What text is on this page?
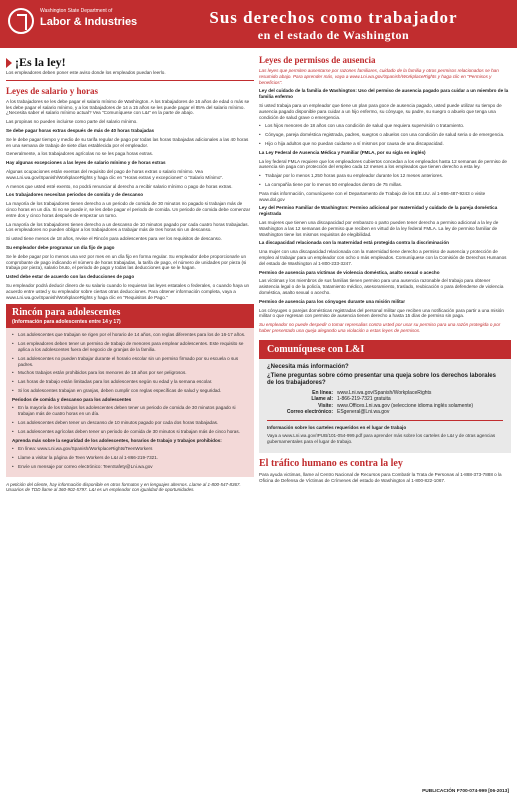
Washington State Department of
Labor & Industries	Sus derechos como trabajador
en el estado de Washington
¡Es la ley!
Los empleadores deben poner este aviso donde los empleados puedan leerlo.
Leyes de salario y horas

A los trabajadores se les debe pagar el salario mínimo de Washington. A los trabajadores de 16 años de edad o más se les debe pagar el salario mínimo, y a los trabajadores de 14 a 15 años se les puede pagar el 85% del salario mínimo. ¿Necesita saber el salario mínimo actual? Vea "Comuníquese con L&I" en la parte de abajo.

Las propinas no pueden incluirse como parte del salario mínimo.

Se debe pagar horas extras después de más de 40 horas trabajadas

Se le debe pagar tiempo y medio de su tarifa regular de pago por todas las horas trabajadas adicionales a las 40 horas en una semana de trabajo de siete días establecida por el empleador.

Generalmente, a los trabajadores agrícolas no se les paga horas extras.

Hay algunas excepciones a las leyes de salario mínimo y de horas extras

Algunas ocupaciones están exentas del requisito del pago de horas extras o salario mínimo. Vea www.Lni.wa.gov/Spanish/WorkplaceRights y haga clic en "Horas extras y excepciones" o "Salario Mínimo".

A menos que usted esté exento, no podrá renunciar al derecho a recibir salario mínimo o pago de horas extras.

Los trabajadores necesitan periodos de comida y de descanso

La mayoría de los trabajadores tienen derecho a un periodo de comida de 30 minutos no pagado si trabajan más de cinco horas en un día. Si no se puede ir, se les debe pagar el periodo de comida. Un periodo de comida debe comenzar entre dos y cinco horas después de empezar un turno.

La mayoría de los trabajadores tienen derecho a un descanso de 10 minutos pagado por cada cuatro horas trabajadas. Los empleadores no pueden obligar a los trabajadores a trabajar más de tres horas sin un descanso.

Si usted tiene menos de 18 años, revise el Rincón para adolescentes para ver los requisitos de descanso.

Su empleador debe programar un día fijo de pago

Se le debe pagar por lo menos una vez por mes en un día fijo en forma regular. Su empleador debe proporcionarle un comprobante de pago indicando el número de horas trabajadas, la tarifa de pago, el número de unidades por pieza (si trabaja por pieza), salario bruto, el periodo de pago y todas las deducciones que se le hagan.

Usted debe estar de acuerdo con las deducciones de pago

Su empleador podrá deducir dinero de su salario cuando lo requieran las leyes estatales o federales, o cuando haya un acuerdo entre usted y su empleador sobre ciertas otras deducciones. Para obtener información completa, vaya a www.Lni.wa.gov/Spanish/WorkplaceRights y haga clic en "Requisitos de Pago."

Rincón para adolescentes
(Información para adolescentes entre 14 y 17)

• Los adolescentes que trabajan se rigen por el horario de 14 años, con reglas diferentes para los de 16-17 años.

• Los empleadores deben tener un permiso de trabajo de menores para emplear adolescentes. Este requisito se aplica a los adolescentes fuera del negocio de granjas de la familia.

• Los adolescentes no pueden trabajar durante el horario escolar sin un permiso firmado por su escuela o sus padres.

• Muchos trabajos están prohibidos para los menores de 18 años por ser peligrosos.

• Las horas de trabajo están limitadas para los adolescentes según su edad y la semana escolar.

• Si los adolescentes trabajan en granjas, deben cumplir con reglas específicas de salud y seguridad.

Periodos de comida y descanso para los adolescentes

• En la mayoría de los trabajos los adolescentes deben tener un periodo de comida de 30 minutos pagado si trabajan más de cuatro horas en un día.

• Los adolescentes deben tener un descanso de 10 minutos pagado por cada dos horas trabajadas.

• Los adolescentes agrícolas deben tener un periodo de comida de 30 minutos si trabajan más de cinco horas.

Aprenda más sobre la seguridad de los adolescentes, horarios de trabajo y trabajos prohibidos:

• En línea: www.Lni.wa.gov/Spanish/WorkplaceRights/TeenWorkers

• Llame a visitar la página de Teen Workers de L&I al 1-866-219-7321.

• Envíe un mensaje por correo electrónico: TeenSafety@Lni.wa.gov

A petición del cliente, hay información disponible en otros formatos y en lenguajes alternos. Llame al 1-800-547-8367. Usuarios de TDD llame al 360-902-5797. L&I es un empleador con igualdad de oportunidades.
Leyes de permisos de ausencia

Las leyes que permiten ausentarse por razones familiares, cuidado de la familia y otros permisos relacionados se han resumido abajo. Para aprender más, vaya a www.Lni.wa.gov/Spanish/WorkplaceRights y haga clic en "Permisos y beneficios".

Ley del cuidado de la familia de Washington: Uso del permiso de ausencia pagado para cuidar a un miembro de la familia enfermo

Si usted trabaja para un empleador que tiene un plan para goce de ausencia pagado, usted puede utilizar su tiempo de ausencia pagado disponible para cuidar a un hijo enfermo, su cónyuge, su padre, su suegro o abuelo que tenga una condición de salud grave o emergencia.

• Los hijos menores de 18 años con una condición de salud que requiera supervisión o tratamiento.

• Cónyuge, pareja doméstica registrada, padres, suegros o abuelos con una condición de salud seria o de emergencia.

• Hijo o hija adultos que no puedan cuidarse a sí mismos por causa de una discapacidad.

La Ley Federal de Ausencia Médica y Familiar (FMLA, por su sigla en inglés)

La ley federal FMLA requiere que los empleadores cubiertos concedan a los empleados hasta 12 semanas de permiso de ausencia sin paga con protección del empleo cada 12 meses a los empleados que tienen derecho a esta ley.

• Trabajar por lo menos 1,250 horas para su empleador durante los 12 meses anteriores.

• La compañía tiene por lo menos 50 empleados dentro de 75 millas.

Para más información, comuníquese con el Departamento de Trabajo de los EE.UU. al 1-866-487-9243 o visite www.dol.gov

Ley del Permiso Familiar de Washington: Permiso adicional por maternidad y cuidado de la pareja doméstica registrada

Las mujeres que tienen una discapacidad por embarazo o parto pueden tener derecho a permiso adicional a la ley de Washington a las 12 semanas de permiso que reciben en virtud de la ley federal FMLA. La ley de permiso familiar de Washington tiene los mismos requisitos de elegibilidad.

La discapacidad relacionada con la maternidad está protegida contra la discriminación

Una mujer con una discapacidad relacionada con la maternidad tiene derecho a permiso de ausencia y protección de empleo al trabajar para un empleador con ocho o más empleados. Comuníquese con la Comisión de Derechos Humanos del estado de Washington al 1-800-233-3247.

Permiso de ausencia para víctimas de violencia doméstica, asalto sexual o acecho

Las víctimas y los miembros de sus familias tienen permiso para una ausencia razonable del trabajo para obtener asistencia legal o de la policía, tratamiento médico, asesoramiento, traslado, reubicación o para defenderse de violencia doméstica, asalto sexual o acecho.

Permiso de ausencia para los cónyuges durante una misión militar

Los cónyuges o parejas domésticas registradas del personal militar que reciben una notificación para partir a una misión militar o que regresan con permiso de ausencia tienen derecho a hasta 15 días de permiso sin paga.

Su empleador no puede despedir o tomar represalias contra usted por usar su permiso para una razón protegida o por haber presentado una queja alegando una violación a estas leyes de permisos.

Comuníquese con L&I
¿Necesita más información?
¿Tiene preguntas sobre cómo presentar una queja sobre los derechos laborales de los trabajadores?
En línea: www.Lni.wa.gov/Spanish/WorkplaceRights
Llame al: 1-866-219-7321 gratuita
Visite: www.Offices.Lni.wa.gov (seleccione idioma inglés solamente)
Correo electrónico: ESgeneral@Lni.wa.gov

Información sobre los carteles requeridos en el lugar de trabajo

Vaya a www.Lni.wa.gov/IPUB/101-054-999.pdf para aprender más sobre los carteles de L&I y de otras agencias gubernamentales para el lugar de trabajo.

El tráfico humano es contra la ley
Para ayuda victimas, llame al Centro Nacional de Recursos para Combatir la Trata de Personas al 1-888-373-7888 o la Oficina de Defensa de Víctimas de Crímenes del estado de Washington al 1-800-822-1067.
PUBLICACIÓN F700-074-999 [06-2013]
